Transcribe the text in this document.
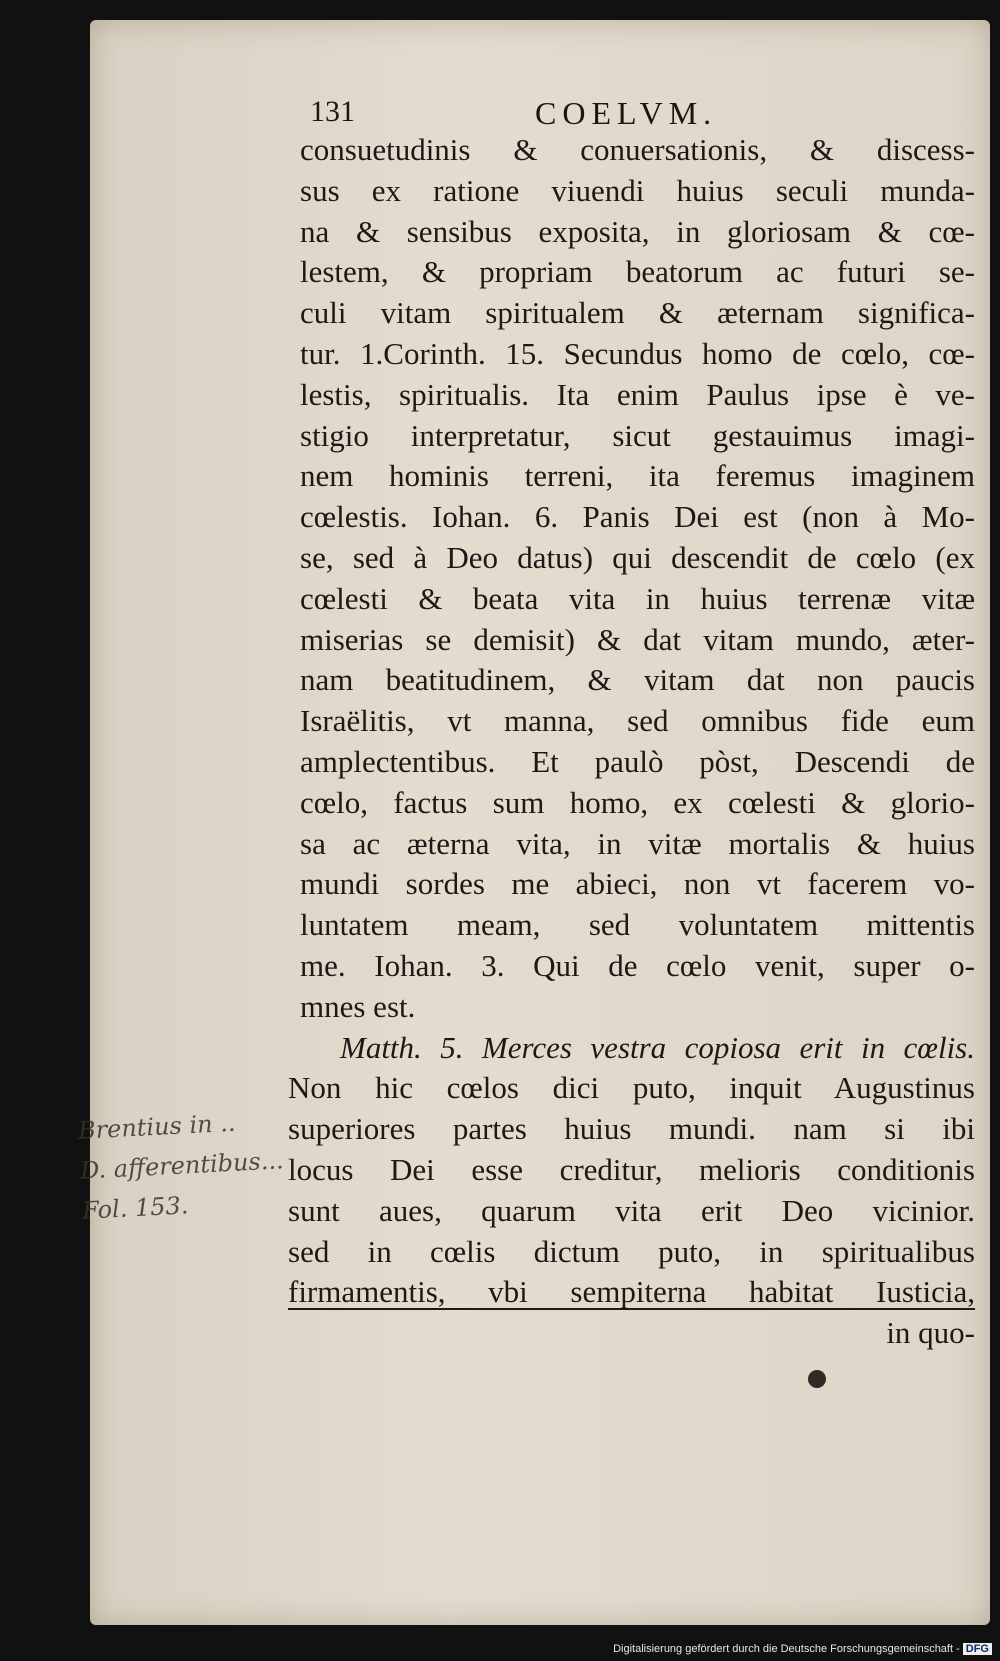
131	COELVM.
consuetudinis & conuersationis, & discess-
sus ex ratione viuendi huius seculi munda-
na & sensibus exposita, in gloriosam & cœ-
lestem, & propriam beatorum ac futuri se-
culi vitam spiritualem & æternam significa-
tur. 1.Corinth. 15. Secundus homo de cœlo, cœ-
lestis, spiritualis. Ita enim Paulus ipse è ve-
stigio interpretatur, sicut gestauimus imagi-
nem hominis terreni, ita feremus imaginem
cœlestis. Iohan. 6. Panis Dei est (non à Mo-
se, sed à Deo datus) qui descendit de cœlo (ex
cœlesti & beata vita in huius terrenæ vitæ
miserias se demisit) & dat vitam mundo, æter-
nam beatitudinem, & vitam dat non paucis
Israëlitis, vt manna, sed omnibus fide eum
amplectentibus. Et paulò pòst, Descendi de
cœlo, factus sum homo, ex cœlesti & glorio-
sa ac æterna vita, in vitæ mortalis & huius
mundi sordes me abieci, non vt facerem vo-
luntatem meam, sed voluntatem mittentis
me. Iohan. 3. Qui de cœlo venit, super o-
mnes est.
Matth. 5. Merces vestra copiosa erit in cœlis.
Non hic cœlos dici puto, inquit Augustinus
superiores partes huius mundi. nam si ibi
locus Dei esse creditur, melioris conditionis
sunt aues, quarum vita erit Deo vicinior.
sed in cœlis dictum puto, in spiritualibus
firmamentis, vbi sempiterna habitat Iusticia,
in quo-
Brentius in ..
D. afferentibus...
Fol. 153.
Digitalisierung gefördert durch die Deutsche Forschungsgemeinschaft - DFG
